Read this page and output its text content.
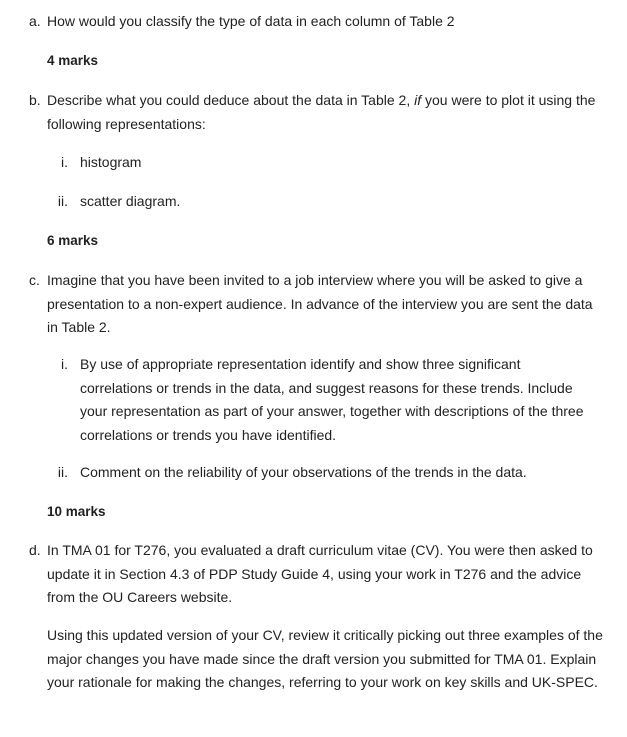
a. How would you classify the type of data in each column of Table 2
4 marks
b. Describe what you could deduce about the data in Table 2, if you were to plot it using the following representations:
i. histogram
ii. scatter diagram.
6 marks
c. Imagine that you have been invited to a job interview where you will be asked to give a presentation to a non-expert audience. In advance of the interview you are sent the data in Table 2.
i. By use of appropriate representation identify and show three significant correlations or trends in the data, and suggest reasons for these trends. Include your representation as part of your answer, together with descriptions of the three correlations or trends you have identified.
ii. Comment on the reliability of your observations of the trends in the data.
10 marks
d. In TMA 01 for T276, you evaluated a draft curriculum vitae (CV). You were then asked to update it in Section 4.3 of PDP Study Guide 4, using your work in T276 and the advice from the OU Careers website.
Using this updated version of your CV, review it critically picking out three examples of the major changes you have made since the draft version you submitted for TMA 01. Explain your rationale for making the changes, referring to your work on key skills and UK-SPEC.
